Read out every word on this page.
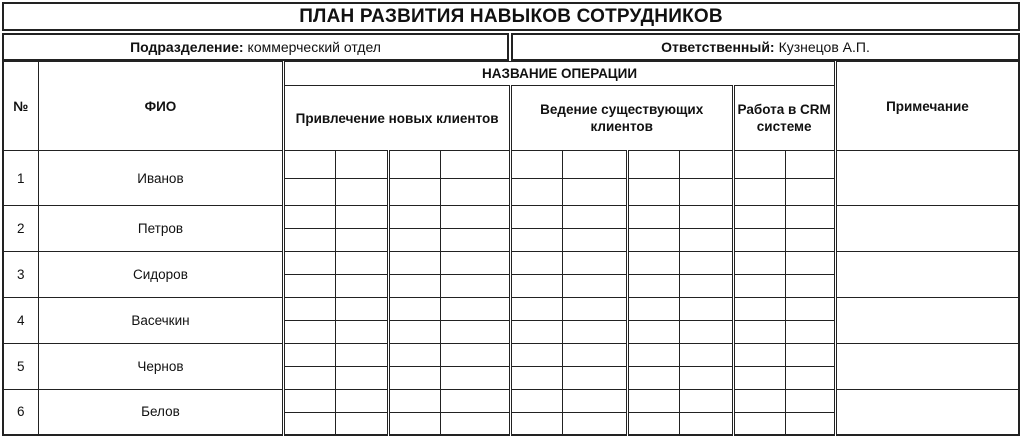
ПЛАН РАЗВИТИЯ НАВЫКОВ СОТРУДНИКОВ
Подразделение: коммерческий отдел	Ответственный: Кузнецов А.П.
№	ФИО	НАЗВАНИЕ ОПЕРАЦИИ										Примечание
		Привлечение новых клиентов				Ведение существующих клиентов				Работа в CRM системе		
1	Иванов											

2	Петров											

3	Сидоров											

4	Васечкин											

5	Чернов											

6	Белов											
